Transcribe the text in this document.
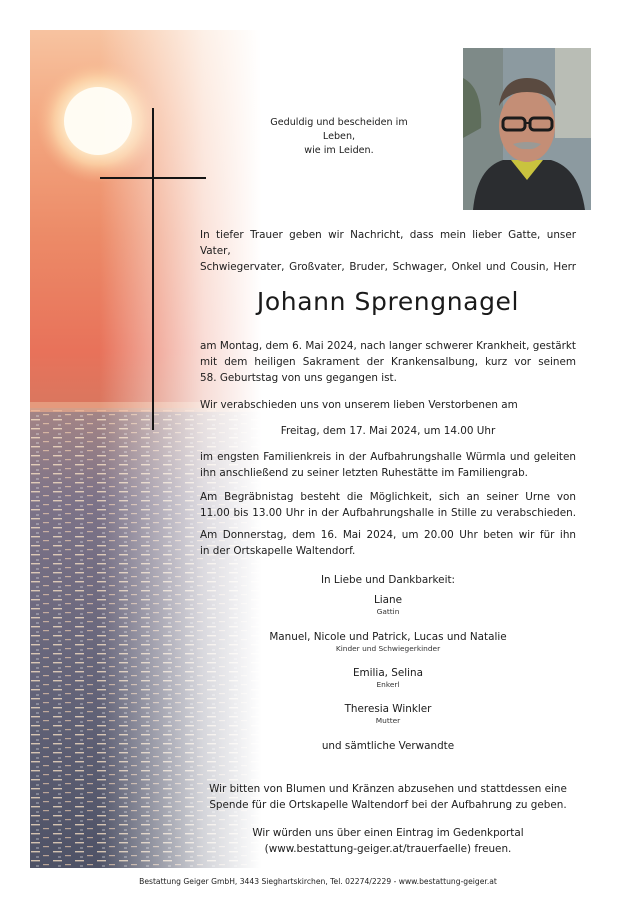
Geduldig und bescheiden im Leben,
wie im Leiden.
In tiefer Trauer geben wir Nachricht, dass mein lieber Gatte, unser Vater,
Schwiegervater, Großvater, Bruder, Schwager, Onkel und Cousin, Herr
Johann Sprengnagel
am Montag, dem 6. Mai 2024, nach langer schwerer Krankheit, gestärkt
mit dem heiligen Sakrament der Krankensalbung, kurz vor seinem
58. Geburtstag von uns gegangen ist.
Wir verabschieden uns von unserem lieben Verstorbenen am
Freitag, dem 17. Mai 2024, um 14.00 Uhr
im engsten Familienkreis in der Aufbahrungshalle Würmla und geleiten
ihn anschließend zu seiner letzten Ruhestätte im Familiengrab.
Am Begräbnistag besteht die Möglichkeit, sich an seiner Urne von
11.00 bis 13.00 Uhr in der Aufbahrungshalle in Stille zu verabschieden.
Am Donnerstag, dem 16. Mai 2024, um 20.00 Uhr beten wir für ihn
in der Ortskapelle Waltendorf.
In Liebe und Dankbarkeit:
Liane
Gattin
Manuel, Nicole und Patrick, Lucas und Natalie
Kinder und Schwiegerkinder
Emilia, Selina
Enkerl
Theresia Winkler
Mutter
und sämtliche Verwandte
Wir bitten von Blumen und Kränzen abzusehen und stattdessen eine
Spende für die Ortskapelle Waltendorf bei der Aufbahrung zu geben.
Wir würden uns über einen Eintrag im Gedenkportal
(www.bestattung-geiger.at/trauerfaelle) freuen.
Bestattung Geiger GmbH, 3443 Sieghartskirchen, Tel. 02274/2229 - www.bestattung-geiger.at
